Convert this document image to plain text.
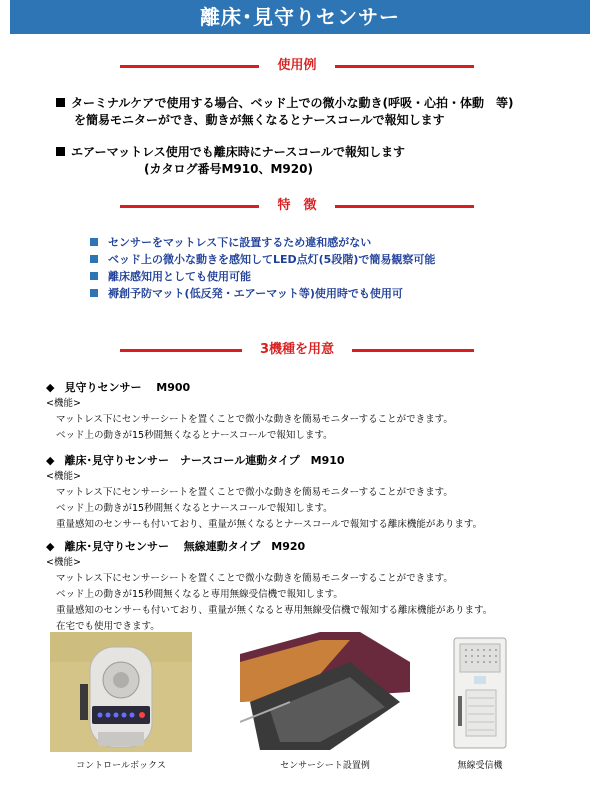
離床･見守りセンサー
使用例
ターミナルケアで使用する場合、ベッド上での微小な動き(呼吸・心拍・体動　等)
を簡易モニターができ、動きが無くなるとナースコールで報知します
エアーマットレス使用でも離床時にナースコールで報知します
(カタログ番号M910、M920)
特　徴
センサーをマットレス下に設置するため違和感がない
ベッド上の微小な動きを感知してLED点灯(5段階)で簡易観察可能
離床感知用としても使用可能
褥創予防マット(低反発・エアーマット等)使用時でも使用可
3機種を用意
◆ 見守りセンサー　 M900
<機能>
マットレス下にセンサーシートを置くことで微小な動きを簡易モニターすることができます。
ベッド上の動きが15秒間無くなるとナースコールで報知します。
◆ 離床･見守りセンサー　ナースコール連動タイプ　M910
<機能>
マットレス下にセンサーシートを置くことで微小な動きを簡易モニターすることができます。
ベッド上の動きが15秒間無くなるとナースコールで報知します。
重量感知のセンサーも付いており、重量が無くなるとナースコールで報知する離床機能があります。
◆ 離床･見守りセンサー　 無線連動タイプ　M920
<機能>
マットレス下にセンサーシートを置くことで微小な動きを簡易モニターすることができます。
ベッド上の動きが15秒間無くなると専用無線受信機で報知します。
重量感知のセンサーも付いており、重量が無くなると専用無線受信機で報知する離床機能があります。
在宅でも使用できます。
コントロールボックス	センサーシート設置例	無線受信機
